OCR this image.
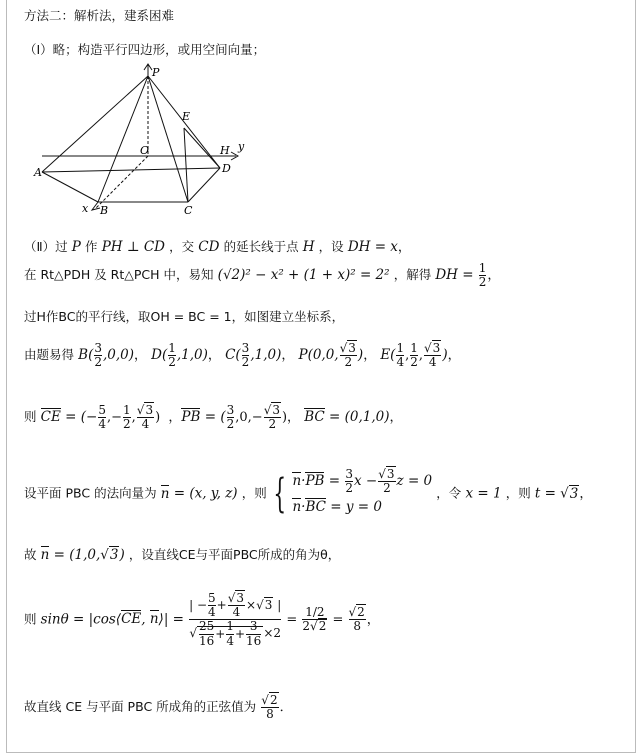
方法二：解析法，建系困难
（Ⅰ）略；构造平行四边形，或用空间向量；
P
E
O	H y
A	D
x B	C
（Ⅱ）过 P 作 PH ⊥ CD ，交 CD 的延长线于点 H ，设 DH = x，
在 Rt△PDH 及 Rt△PCH 中，易知 (√2)² − x² + (1 + x)² = 2² ，解得 DH = $\frac{1}{2}$ ，
过H作BC的平行线，取OH = BC = 1，如图建立坐标系，
由题易得 $B( \frac{3}{2} ,0,0)$， $D( \frac{1}{2} ,1,0)$， $C( \frac{3}{2} ,1,0)$， P(0,0, $\frac{√3}{2}$ )， $E( \frac{1}{4}$ , $\frac{1}{2}$ , $\frac{√3}{4}$ )，
则 CE = (− $\frac{5}{4}$ ,− $\frac{1}{2}$ , $\frac{√3}{4}$ )  ，PB = ( $\frac{3}{2} ,0,- \frac{√3}{2}$ )， BC = (0,1,0)，
设平面 PBC 的法向量为 n = (x, y, z) ，则 { $n\cdot PB = \frac{3}{2}$ $x - \frac{√3}{2}$ z = 0
n·BC = y = 0
，令 x = 1 ，则 t = √3，
故 n = (1,0,√3) ，设直线CE与平面PBC所成的角为θ，
则 sinθ = |cos⟨CE, n⟩| = $\frac{| - \frac{5}{4} + \frac{√3}{4} \times√3 |}{√ \frac{25}{16} + \frac{1}{4} + \frac{3}{16} \times 2} = \frac{1/2}{2√2} = \frac{√2}{8}$ ，
故直线 CE 与平面 PBC 所成角的正弦值为 $\frac{√2}{8}$ ．
